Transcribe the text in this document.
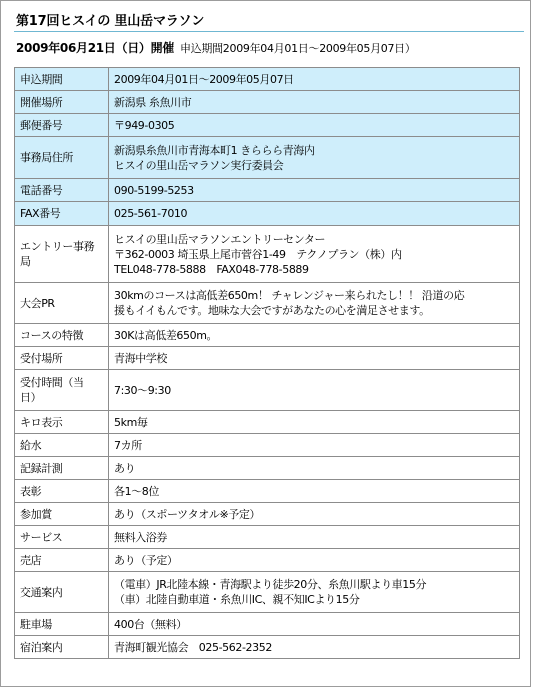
第17回ヒスイの 里山岳マラソン
2009年06月21日（日）開催 申込期間2009年04月01日～2009年05月07日）
申込期間	2009年04月01日～2009年05月07日

開催場所	新潟県 糸魚川市

郵便番号	〒949-0305

事務局住所	新潟県糸魚川市青海本町1 きららら青海内
ヒスイの里山岳マラソン実行委員会

電話番号	090-5199-5253

FAX番号	025-561-7010

エントリー事務
局	ヒスイの里山岳マラソンエントリーセンター
〒362-0003 埼玉県上尾市菅谷1-49　テクノプラン（株）内
TEL048-778-5888　FAX048-778-5889

大会PR	30kmのコースは高低差650m！ チャレンジャー来られたし！！ 沿道の応
援もイイもんです。地味な大会ですがあなたの心を満足させます。

コースの特徴	30Kは高低差650m。

受付場所	青海中学校

受付時間（当
日）	7:30～9:30

キロ表示	5km毎

給水	7カ所

記録計測	あり

表彰	各1～8位

参加賞	あり（スポーツタオル※予定）

サービス	無料入浴券

売店	あり（予定）

交通案内	（電車）JR北陸本線・青海駅より徒歩20分、糸魚川駅より車15分
（車）北陸自動車道・糸魚川IC、親不知ICより15分

駐車場	400台（無料）

宿泊案内	青海町観光協会　025-562-2352
